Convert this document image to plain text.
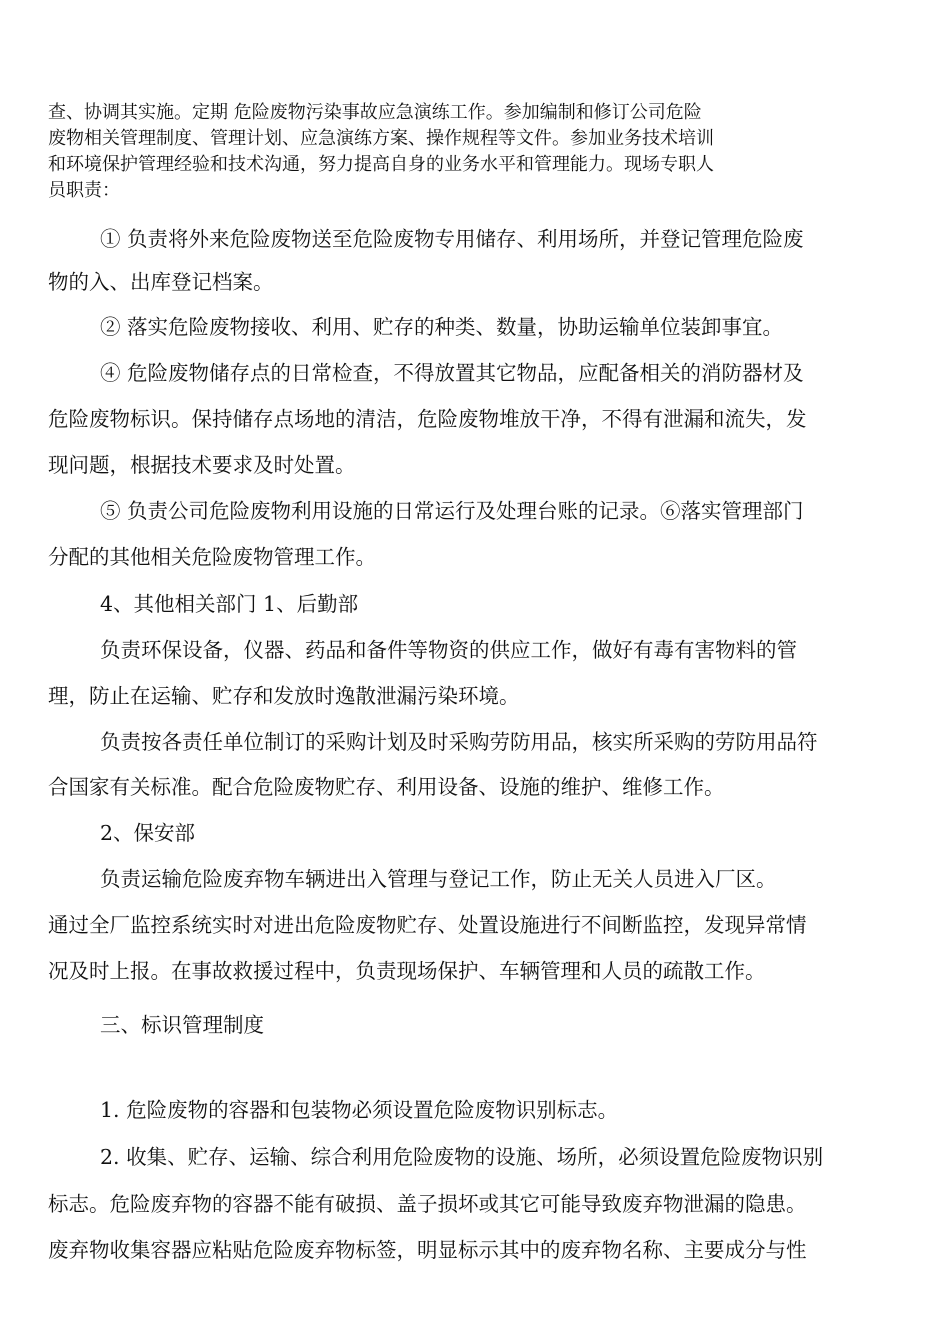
查、协调其实施。定期 危险废物污染事故应急演练工作。参加编制和修订公司危险
废物相关管理制度、管理计划、应急演练方案、操作规程等文件。参加业务技术培训
和环境保护管理经验和技术沟通，努力提高自身的业务水平和管理能力。现场专职人
员职责：
① 负责将外来危险废物送至危险废物专用储存、利用场所，并登记管理危险废
物的入、出库登记档案。
② 落实危险废物接收、利用、贮存的种类、数量，协助运输单位装卸事宜。
④ 危险废物储存点的日常检查，不得放置其它物品，应配备相关的消防器材及
危险废物标识。保持储存点场地的清洁，危险废物堆放干净，不得有泄漏和流失，发
现问题，根据技术要求及时处置。
⑤ 负责公司危险废物利用设施的日常运行及处理台账的记录。⑥落实管理部门
分配的其他相关危险废物管理工作。
4、其他相关部门 1、后勤部
负责环保设备，仪器、药品和备件等物资的供应工作，做好有毒有害物料的管
理，防止在运输、贮存和发放时逸散泄漏污染环境。
负责按各责任单位制订的采购计划及时采购劳防用品，核实所采购的劳防用品符
合国家有关标准。配合危险废物贮存、利用设备、设施的维护、维修工作。
2、保安部
负责运输危险废弃物车辆进出入管理与登记工作，防止无关人员进入厂区。
通过全厂监控系统实时对进出危险废物贮存、处置设施进行不间断监控，发现异常情
况及时上报。在事故救援过程中，负责现场保护、车辆管理和人员的疏散工作。
三、标识管理制度
1. 危险废物的容器和包装物必须设置危险废物识别标志。
2. 收集、贮存、运输、综合利用危险废物的设施、场所，必须设置危险废物识别
标志。危险废弃物的容器不能有破损、盖子损坏或其它可能导致废弃物泄漏的隐患。
废弃物收集容器应粘贴危险废弃物标签，明显标示其中的废弃物名称、主要成分与性
